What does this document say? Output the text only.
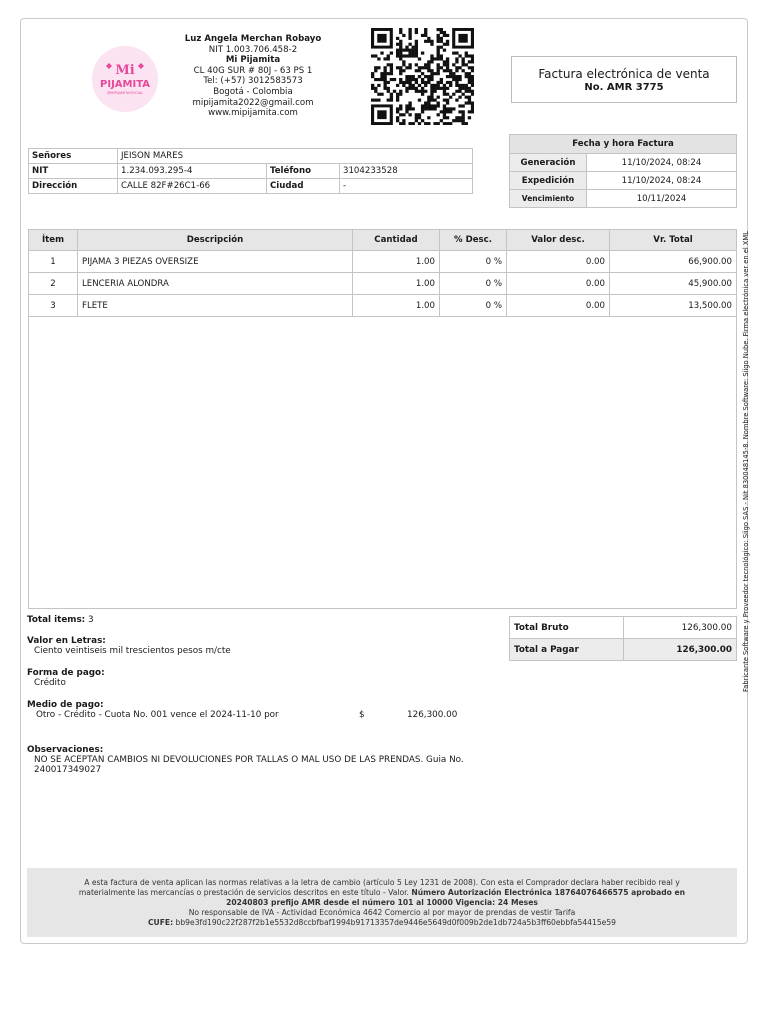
Mi
PIJAMITA
@MIPIJAMITAOFICIAL
Luz Angela Merchan Robayo
NIT 1.003.706.458-2
Mi Pijamita
CL 40G SUR # 80J - 63 PS 1
Tel: (+57) 3012583573
Bogotá - Colombia
mipijamita2022@gmail.com
www.mipijamita.com
Factura electrónica de venta
No. AMR 3775
Señores	JEISON MARES		
NIT	1.234.093.295-4	Teléfono	3104233528
Dirección	CALLE 82F#26C1-66	Ciudad	-
Fecha y hora Factura	
Generación	11/10/2024, 08:24
Expedición	11/10/2024, 08:24
Vencimiento	10/11/2024
Ítem	Descripción	Cantidad	% Desc.	Valor desc.	Vr. Total
1	PIJAMA 3 PIEZAS OVERSIZE	1.00	0 %	0.00	66,900.00
2	LENCERIA ALONDRA	1.00	0 %	0.00	45,900.00
3	FLETE	1.00	0 %	0.00	13,500.00 Fabricante Software y Proveedor tecnológico: Siigo SAS - Nit 830048145-8. Nombre Software: Siigo Nube. Firma electrónica ver en el XML
Total items: 3
Valor en Letras:
Ciento veintiseis mil trescientos pesos m/cte
Forma de pago:
Crédito
Medio de pago:
Otro - Crédito - Cuota No. 001 vence el 2024-11-10 por	$	126,300.00
Observaciones:
NO SE ACEPTAN CAMBIOS NI DEVOLUCIONES POR TALLAS O MAL USO DE LAS PRENDAS. Guia No.
240017349027
Total Bruto	126,300.00
Total a Pagar	126,300.00
A esta factura de venta aplican las normas relativas a la letra de cambio (artículo 5 Ley 1231 de 2008). Con esta el Comprador declara haber recibido real y
materialmente las mercancías o prestación de servicios descritos en este título - Valor. Número Autorización Electrónica 18764076466575 aprobado en
20240803 prefijo AMR desde el número 101 al 10000 Vigencia: 24 Meses
No responsable de IVA - Actividad Económica 4642 Comercio al por mayor de prendas de vestir Tarifa
CUFE: bb9e3fd190c22f287f2b1e5532d8ccbfbaf1994b91713357de9446e5649d0f009b2de1db724a5b3ff60ebbfa54415e59
